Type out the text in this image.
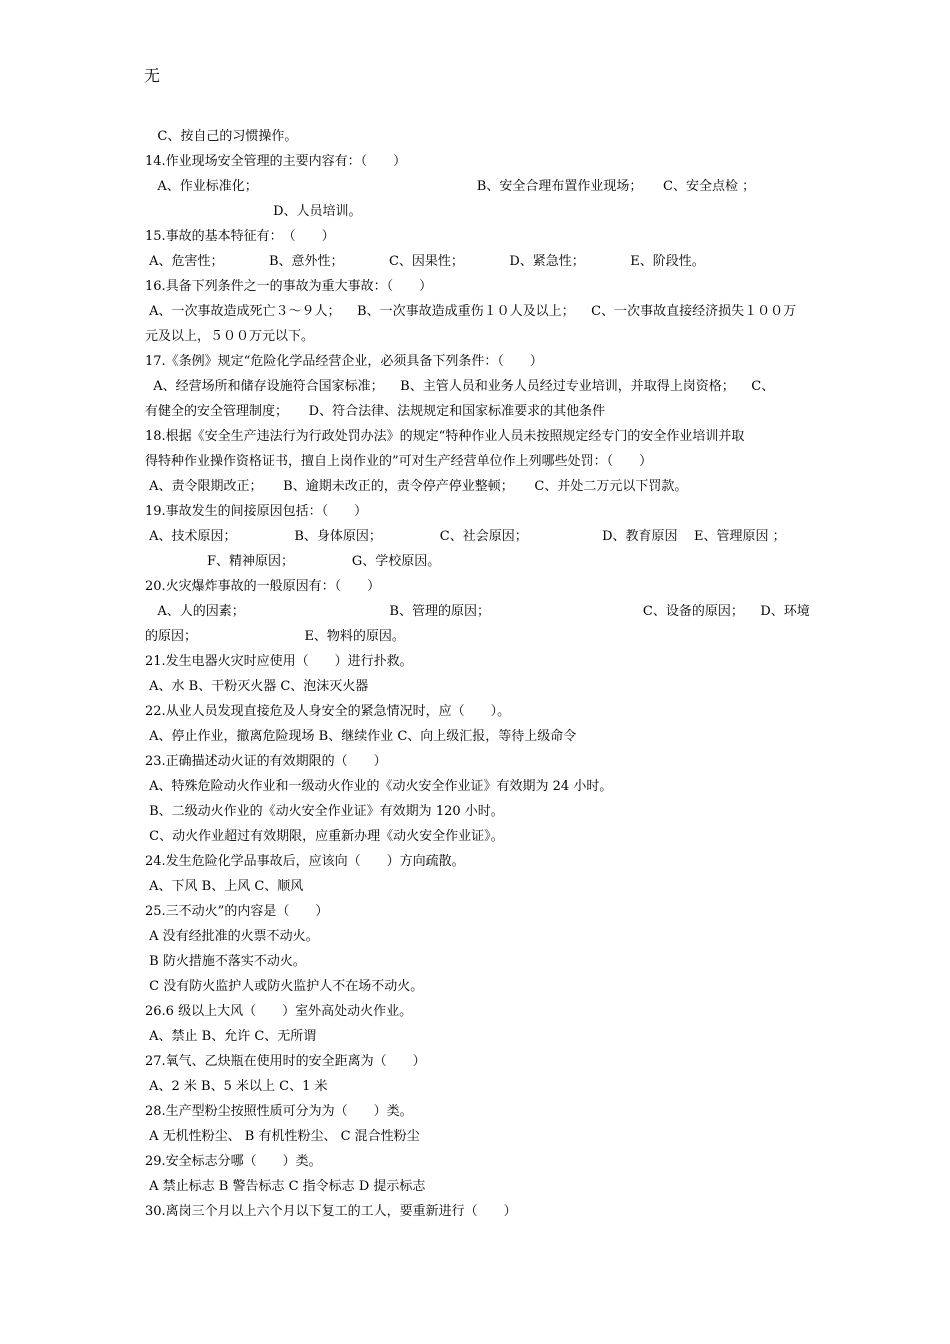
无
C、按自己的习惯操作。
14.作业现场安全管理的主要内容有：（　　）
A、作业标准化；                                                     B、安全合理布置作业现场；     C、安全点检 ；
D、人员培训。
15.事故的基本特征有：　（　　）
A、危害性；           B、意外性；           C、因果性；           D、紧急性；           E、阶段性。
16.具备下列条件之一的事故为重大事故：（　　）
A、一次事故造成死亡３～９人；    B、一次事故造成重伤１０人及以上；    C、一次事故直接经济损失１００万
元及以上，５００万元以下。
17.《条例》规定“危险化学品经营企业，必须具备下列条件：（　　）
A、经营场所和储存设施符合国家标准；    B、主管人员和业务人员经过专业培训，并取得上岗资格；    C、
有健全的安全管理制度；     D、符合法律、法规规定和国家标准要求的其他条件
18.根据《安全生产违法行为行政处罚办法》的规定“特种作业人员未按照规定经专门的安全作业培训并取
得特种作业操作资格证书，擅自上岗作业的”可对生产经营单位作上列哪些处罚：（　　）
A、责令限期改正；     B、逾期未改正的，责令停产停业整顿；     C、并处二万元以下罚款。
19.事故发生的间接原因包括：（　　）
A、技术原因；              B、身体原因；              C、社会原因；                  D、教育原因    E、管理原因 ；
F、精神原因；              G、学校原因。
20.火灾爆炸事故的一般原因有：（　　）
A、人的因素；                                   B、管理的原因；                                     C、设备的原因；    D、环境
的原因；                          E、物料的原因。
21.发生电器火灾时应使用（　　）进行扑救。
A、水 B、干粉灭火器 C、泡沫灭火器
22.从业人员发现直接危及人身安全的紧急情况时，应（　　）。
A、停止作业，撤离危险现场 B、继续作业 C、向上级汇报，等待上级命令
23.正确描述动火证的有效期限的（　　）
A、特殊危险动火作业和一级动火作业的《动火安全作业证》有效期为 24 小时。
B、二级动火作业的《动火安全作业证》有效期为 120 小时。
C、动火作业超过有效期限，应重新办理《动火安全作业证》。
24.发生危险化学品事故后，应该向（　　）方向疏散。
A、下风 B、上风 C、顺风
25.三不动火”的内容是（　　）
A 没有经批准的火票不动火。
B 防火措施不落实不动火。
C 没有防火监护人或防火监护人不在场不动火。
26.6 级以上大风（　　）室外高处动火作业。
A、禁止 B、允许 C、无所谓
27.氧气、乙炔瓶在使用时的安全距离为（　　）
A、2 米 B、5 米以上 C、1 米
28.生产型粉尘按照性质可分为为（　　）类。
A 无机性粉尘、 B 有机性粉尘、 C 混合性粉尘
29.安全标志分哪（　　）类。
A 禁止标志 B 警告标志 C 指令标志 D 提示标志
30.离岗三个月以上六个月以下复工的工人，要重新进行（　　）
